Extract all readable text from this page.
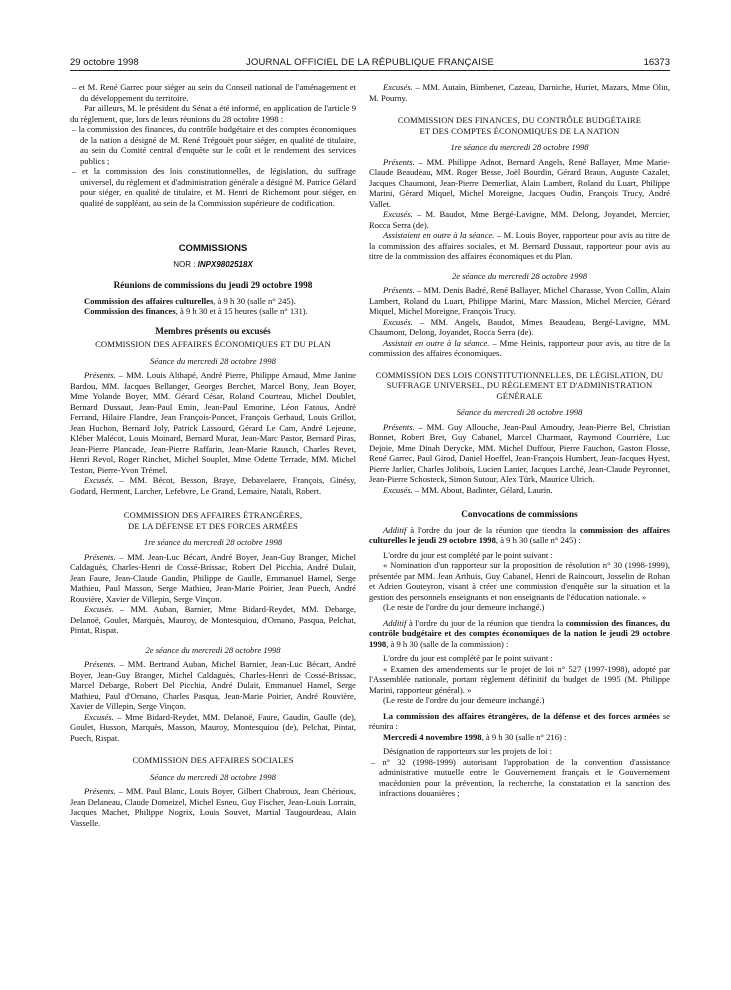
29 octobre 1998	JOURNAL OFFICIEL DE LA RÉPUBLIQUE FRANÇAISE	16373

– et M. René Garrec pour siéger au sein du Conseil national de l'aménagement et du développement du territoire.

Par ailleurs, M. le président du Sénat a été informé, en application de l'article 9 du règlement, que, lors de leurs réunions du 28 octobre 1998 :

– la commission des finances, du contrôle budgétaire et des comptes économiques de la nation a désigné de M. René Trégouët pour siéger, en qualité de titulaire, au sein du Comité central d'enquête sur le coût et le rendement des services publics ;

– et la commission des lois constitutionnelles, de législation, du suffrage universel, du règlement et d'administration générale a désigné M. Patrice Gélard pour siéger, en qualité de titulaire, et M. Henri de Richemont pour siéger, en qualité de suppléant, au sein de la Commission supérieure de codification.

COMMISSIONS

NOR : INPX9802518X

Réunions de commissions du jeudi 29 octobre 1998

Commission des affaires culturelles, à 9 h 30 (salle n° 245).

Commission des finances, à 9 h 30 et à 15 heures (salle n° 131).

Membres présents ou excusés

COMMISSION DES AFFAIRES ÉCONOMIQUES ET DU PLAN

Séance du mercredi 28 octobre 1998

Présents. – MM. Louis Althapé, André Pierre, Philippe Arnaud, Mme Janine Bardou, MM. Jacques Bellanger, Georges Berchet, Marcel Bony, Jean Boyer, Mme Yolande Boyer, MM. Gérard César, Roland Courteau, Michel Doublet, Bernard Dussaut, Jean-Paul Emin, Jean-Paul Emorine, Léon Fatous, André Ferrand, Hilaire Flandre, Jean François-Poncet, François Gerbaud, Louis Grillot, Jean Huchon, Bernard Joly, Patrick Lassourd, Gérard Le Cam, André Lejeune, Kléber Malécot, Louis Moinard, Bernard Murat, Jean-Marc Pastor, Bernard Piras, Jean-Pierre Plancade, Jean-Pierre Raffarin, Jean-Marie Rausch, Charles Revet, Henri Revol, Roger Rinchet, Michel Souplet, Mme Odette Terrade, MM. Michel Teston, Pierre-Yvon Trémel.

Excusés. – MM. Bécot, Besson, Braye, Debavelaere, François, Ginésy, Godard, Herment, Larcher, Lefebvre, Le Grand, Lemaire, Natali, Robert.

COMMISSION DES AFFAIRES ÉTRANGÈRES,

DE LA DÉFENSE ET DES FORCES ARMÉES

1re séance du mercredi 28 octobre 1998

Présents. – MM. Jean-Luc Bécart, André Boyer, Jean-Guy Branger, Michel Caldaguès, Charles-Henri de Cossé-Brissac, Robert Del Picchia, André Dulait, Jean Faure, Jean-Claude Gaudin, Philippe de Gaulle, Emmanuel Hamel, Serge Mathieu, Paul Masson, Serge Mathieu, Jean-Marie Poirier, Jean Puech, André Rouvière, Xavier de Villepin, Serge Vinçon.

Excusés. – MM. Auban, Barnier, Mme Bidard-Reydet, MM. Debarge, Delanoë, Goulet, Marquès, Mauroy, de Montesquiou, d'Ornano, Pasqua, Pelchat, Pintat, Rispat.

2e séance du mercredi 28 octobre 1998

Présents. – MM. Bertrand Auban, Michel Barnier, Jean-Luc Bécart, André Boyer, Jean-Guy Branger, Michel Caldaguès, Charles-Henri de Cossé-Brissac, Marcel Debarge, Robert Del Picchia, André Dulait, Emmanuel Hamel, Serge Mathieu, Paul d'Ornano, Charles Pasqua, Jean-Marie Poirier, André Rouvière, Xavier de Villepin, Serge Vinçon.

Excusés. – Mme Bidard-Reydet, MM. Delanoë, Faure, Gaudin, Gaulle (de), Goulet, Husson, Marquès, Masson, Mauroy, Montesquiou (de), Pelchat, Pintat, Puech, Rispat.

COMMISSION DES AFFAIRES SOCIALES

Séance du mercredi 28 octobre 1998

Présents. – MM. Paul Blanc, Louis Boyer, Gilbert Chabroux, Jean Chérioux, Jean Delaneau, Claude Domeizel, Michel Esneu, Guy Fischer, Jean-Louis Lorrain, Jacques Machet, Philippe Nogrix, Louis Souvet, Martial Taugourdeau, Alain Vasselle.

Excusés. – MM. Autain, Bimbenet, Cazeau, Darniche, Huriet, Mazars, Mme Olin, M. Pourny.

COMMISSION DES FINANCES, DU CONTRÔLE BUDGÉTAIRE

ET DES COMPTES ÉCONOMIQUES DE LA NATION

1re séance du mercredi 28 octobre 1998

Présents. – MM. Philippe Adnot, Bernard Angels, René Ballayer, Mme Marie-Claude Beaudeau, MM. Roger Besse, Joël Bourdin, Gérard Braun, Auguste Cazalet, Jacques Chaumont, Jean-Pierre Demerliat, Alain Lambert, Roland du Luart, Philippe Marini, Gérard Miquel, Michel Moreigne, Jacques Oudin, François Trucy, André Vallet.

Excusés. – M. Baudot, Mme Bergé-Lavigne, MM. Delong, Joyandet, Mercier, Rocca Serra (de).

Assistaient en outre à la séance. – M. Louis Boyer, rapporteur pour avis au titre de la commission des affaires sociales, et M. Bernard Dussaut, rapporteur pour avis au titre de la commission des affaires économiques et du Plan.

2e séance du mercredi 28 octobre 1998

Présents. – MM. Denis Badré, René Ballayer, Michel Charasse, Yvon Collin, Alain Lambert, Roland du Luart, Philippe Marini, Marc Massion, Michel Mercier, Gérard Miquel, Michel Moreigne, François Trucy.

Excusés. – MM. Angels, Baudot, Mmes Beaudeau, Bergé-Lavigne, MM. Chaumont, Delong, Joyandet, Rocca Serra (de).

Assistait en outre à la séance. – Mme Heinis, rapporteur pour avis, au titre de la commission des affaires économiques.

COMMISSION DES LOIS CONSTITUTIONNELLES, DE LÉGISLATION, DU SUFFRAGE UNIVERSEL, DU RÈGLEMENT ET D'ADMINISTRATION GÉNÉRALE

Séance du mercredi 28 octobre 1998

Présents. – MM. Guy Allouche, Jean-Paul Amoudry, Jean-Pierre Bel, Christian Bonnet, Robert Bret, Guy Cabanel, Marcel Charmant, Raymond Courrière, Luc Dejoie, Mme Dinah Derycke, MM. Michel Duffour, Pierre Fauchon, Gaston Flosse, René Garrec, Paul Girod, Daniel Hoeffel, Jean-François Humbert, Jean-Jacques Hyest, Pierre Jarlier, Charles Jolibois, Lucien Lanier, Jacques Larché, Jean-Claude Peyronnet, Jean-Pierre Schosteck, Simon Sutour, Alex Türk, Maurice Ulrich.

Excusés. – MM. About, Badinter, Gélard, Laurin.

Convocations de commissions

Additif à l'ordre du jour de la réunion que tiendra la commission des affaires culturelles le jeudi 29 octobre 1998, à 9 h 30 (salle n° 245) :

L'ordre du jour est complété par le point suivant :

« Nomination d'un rapporteur sur la proposition de résolution n° 30 (1998-1999), présentée par MM. Jean Arthuis, Guy Cabanel, Henri de Raincourt, Josselin de Rohan et Adrien Gouteyron, visant à créer une commission d'enquête sur la situation et la gestion des personnels enseignants et non enseignants de l'éducation nationale. »

(Le reste de l'ordre du jour demeure inchangé.)

Additif à l'ordre du jour de la réunion que tiendra la commission des finances, du contrôle budgétaire et des comptes économiques de la nation le jeudi 29 octobre 1998, à 9 h 30 (salle de la commission) :

L'ordre du jour est complété par le point suivant :

« Examen des amendements sur le projet de loi n° 527 (1997-1998), adopté par l'Assemblée nationale, portant règlement définitif du budget de 1995 (M. Philippe Marini, rapporteur général). »

(Le reste de l'ordre du jour demeure inchangé.)

La commission des affaires étrangères, de la défense et des forces armées se réunira :

Mercredi 4 novembre 1998, à 9 h 30 (salle n° 216) :

Désignation de rapporteurs sur les projets de loi :

– n° 32 (1998-1999) autorisant l'approbation de la convention d'assistance administrative mutuelle entre le Gouvernement français et le Gouvernement macédonien pour la prévention, la recherche, la constatation et la sanction des infractions douanières ;
